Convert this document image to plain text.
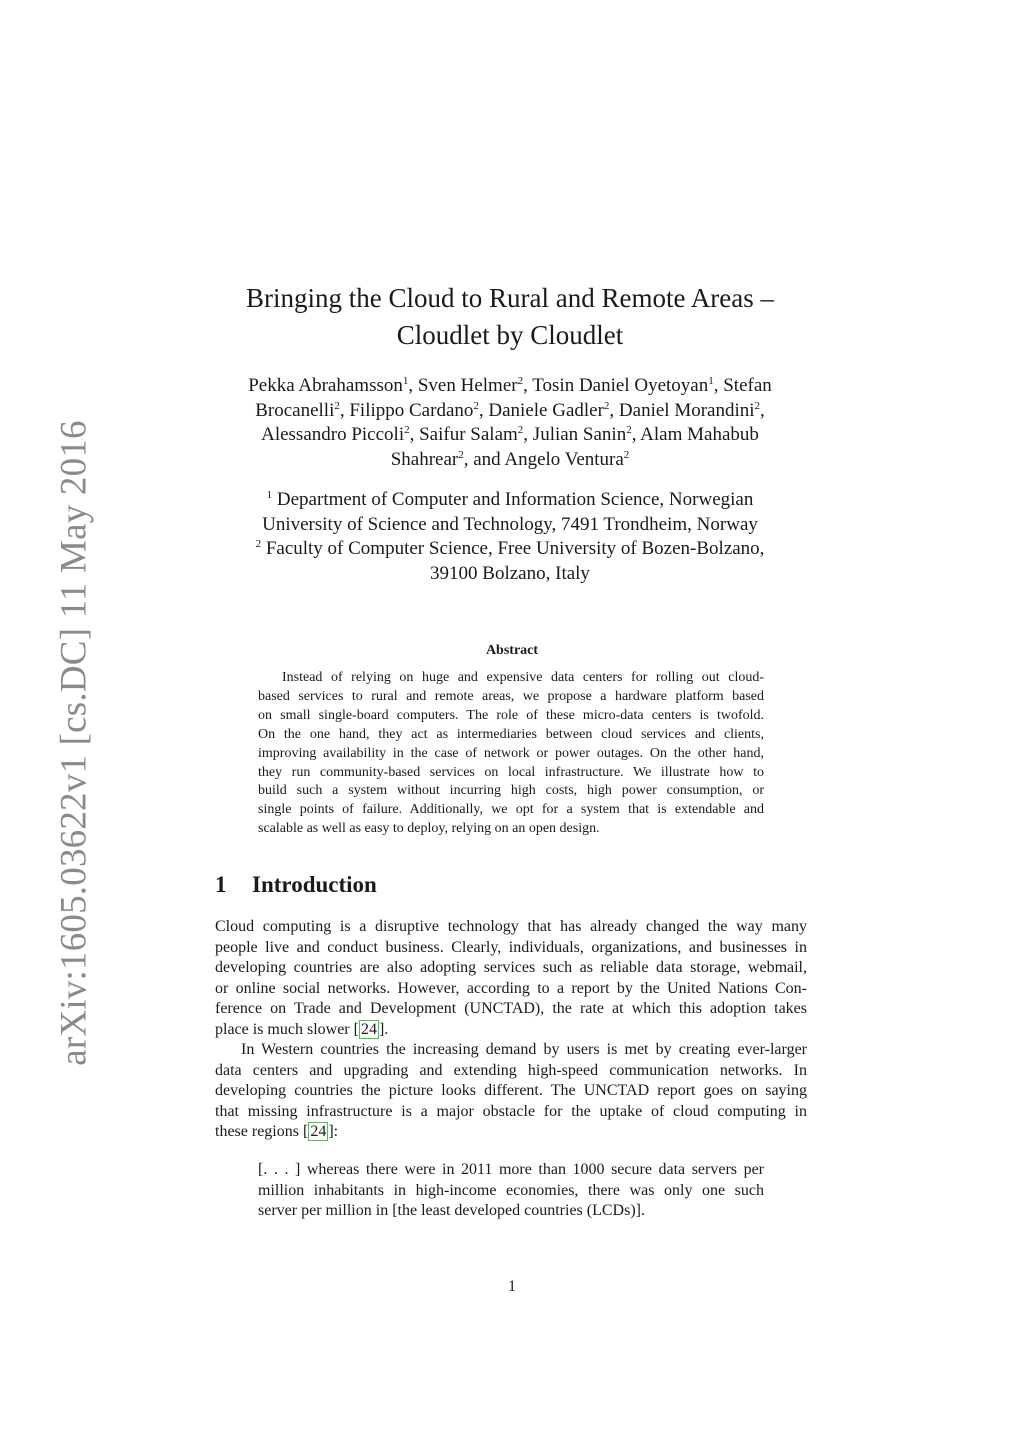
arXiv:1605.03622v1 [cs.DC] 11 May 2016
Bringing the Cloud to Rural and Remote Areas –
Cloudlet by Cloudlet
Pekka Abrahamsson$^1$, Sven Helmer$^2$, Tosin Daniel Oyetoyan$^1$, Stefan
Brocanelli$^2$, Filippo Cardano$^2$, Daniele Gadler$^2$, Daniel Morandini$^2$,
Alessandro Piccoli$^2$, Saifur Salam$^2$, Julian Sanin$^2$, Alam Mahabub
Shahrear$^2$, and Angelo Ventura$^2$
$^1$ Department of Computer and Information Science, Norwegian
University of Science and Technology, 7491 Trondheim, Norway
$^2$ Faculty of Computer Science, Free University of Bozen-Bolzano,
39100 Bolzano, Italy
Abstract
Instead of relying on huge and expensive data centers for rolling out cloud-
based services to rural and remote areas, we propose a hardware platform based
on small single-board computers. The role of these micro-data centers is twofold.
On the one hand, they act as intermediaries between cloud services and clients,
improving availability in the case of network or power outages. On the other hand,
they run community-based services on local infrastructure. We illustrate how to
build such a system without incurring high costs, high power consumption, or
single points of failure. Additionally, we opt for a system that is extendable and
scalable as well as easy to deploy, relying on an open design.
1 Introduction
Cloud computing is a disruptive technology that has already changed the way many
people live and conduct business. Clearly, individuals, organizations, and businesses in
developing countries are also adopting services such as reliable data storage, webmail,
or online social networks. However, according to a report by the United Nations Con-
ference on Trade and Development (UNCTAD), the rate at which this adoption takes
place is much slower [ 24 ].
In Western countries the increasing demand by users is met by creating ever-larger
data centers and upgrading and extending high-speed communication networks. In
developing countries the picture looks different. The UNCTAD report goes on saying
that missing infrastructure is a major obstacle for the uptake of cloud computing in
these regions [ 24 ]:
[. . . ] whereas there were in 2011 more than 1000 secure data servers per
million inhabitants in high-income economies, there was only one such
server per million in [the least developed countries (LCDs)].
1
